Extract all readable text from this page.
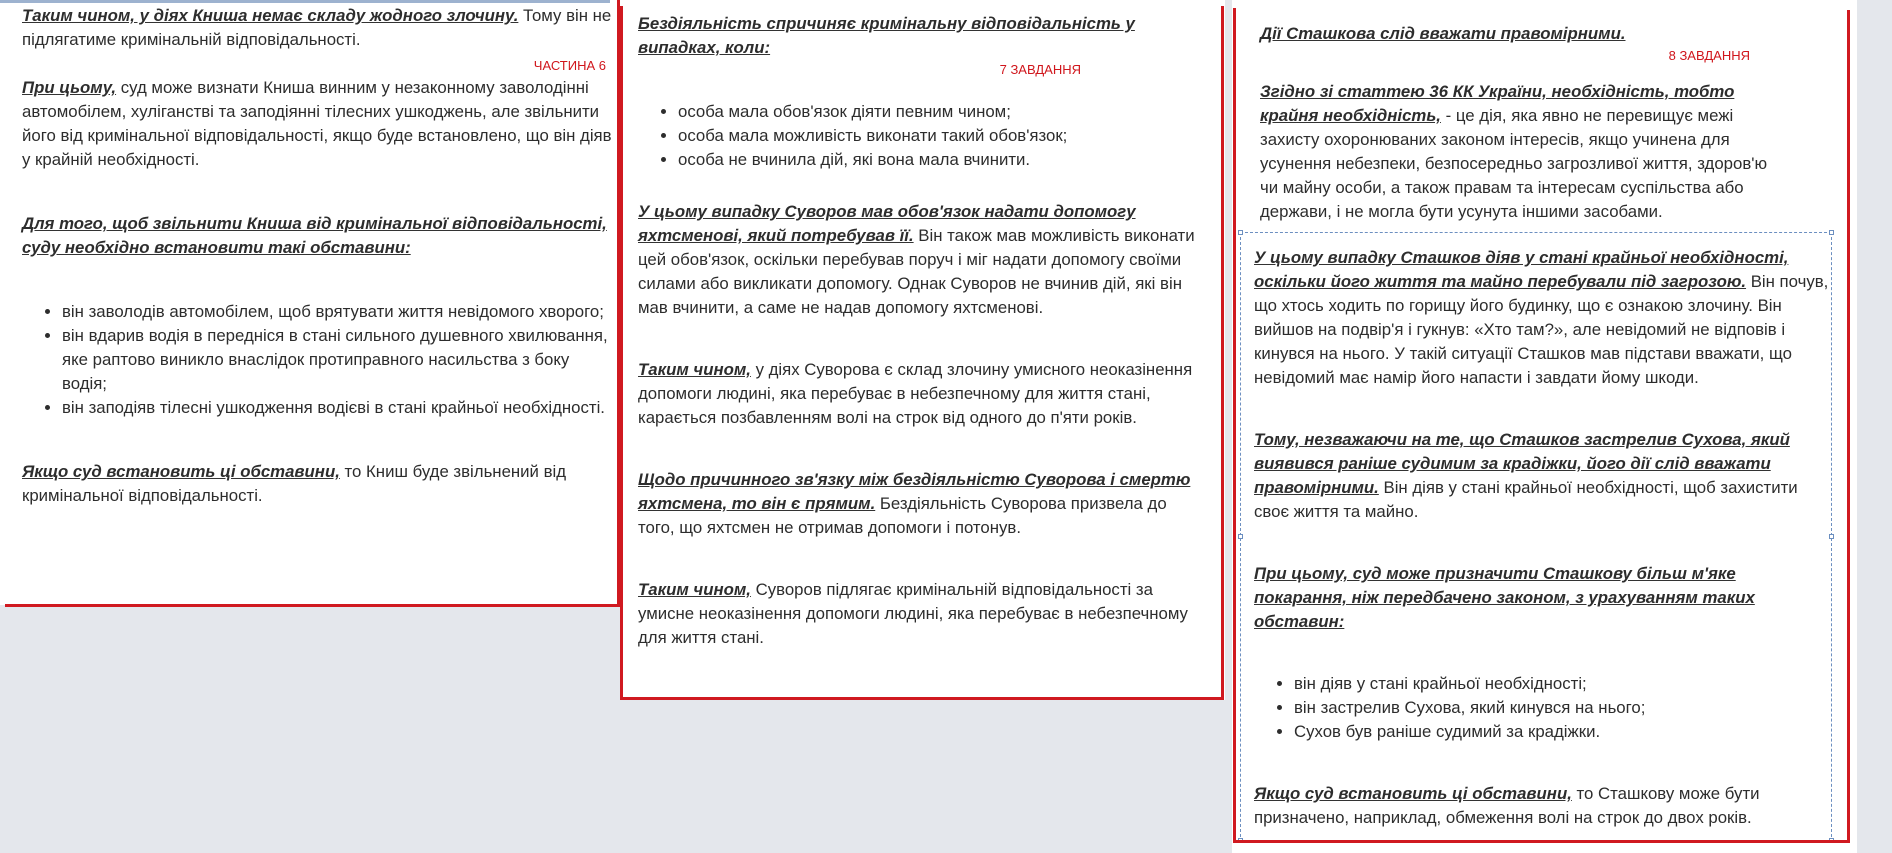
Таким чином, у діях Книша немає складу жодного злочину. Тому він не підлягатиме кримінальній відповідальності.

ЧАСТИНА 6

При цьому, суд може визнати Книша винним у незаконному заволодінні автомобілем, хуліганстві та заподіянні тілесних ушкоджень, але звільнити його від кримінальної відповідальності, якщо буде встановлено, що він діяв у крайній необхідності.

Для того, щоб звільнити Книша від кримінальної відповідальності, суду необхідно встановити такі обставини:

• він заволодів автомобілем, щоб врятувати життя невідомого хворого;
• він вдарив водія в передніся в стані сильного душевного хвилювання, яке раптово виникло внаслідок протиправного насильства з боку водія;
• він заподіяв тілесні ушкодження водієві в стані крайньої необхідності.

Якщо суд встановить ці обставини, то Книш буде звільнений від кримінальної відповідальності.

Бездіяльність спричиняє кримінальну відповідальність у випадках, коли:

7 ЗАВДАННЯ
• особа мала обов'язок діяти певним чином;
• особа мала можливість виконати такий обов'язок;
• особа не вчинила дій, які вона мала вчинити.

У цьому випадку Суворов мав обов'язок надати допомогу яхтсменові, який потребував її. Він також мав можливість виконати цей обов'язок, оскільки перебував поруч і міг надати допомогу своїми силами або викликати допомогу. Однак Суворов не вчинив дій, які він мав вчинити, а саме не надав допомогу яхтсменові.

Таким чином, у діях Суворова є склад злочину умисного неоказінення допомоги людині, яка перебуває в небезпечному для життя стані, карається позбавленням волі на строк від одного до п'яти років.

Щодо причинного зв'язку між бездіяльністю Суворова і смертю яхтсмена, то він є прямим. Бездіяльність Суворова призвела до того, що яхтсмен не отримав допомоги і потонув.

Таким чином, Суворов підлягає кримінальній відповідальності за умисне неоказінення допомоги людині, яка перебуває в небезпечному для життя стані.

Дії Сташкова слід вважати правомірними.

8 ЗАВДАННЯ

Згідно зі статтею 36 КК України, необхідність, тобто крайня необхідність, - це дія, яка явно не перевищує межі захисту охоронюваних законом інтересів, якщо учинена для усунення небезпеки, безпосередньо загрозливої життя, здоров'ю чи майну особи, а також правам та інтересам суспільства або держави, і не могла бути усунута іншими засобами.

У цьому випадку Сташков діяв у стані крайньої необхідності, оскільки його життя та майно перебували під загрозою. Він почув, що хтось ходить по горищу його будинку, що є ознакою злочину. Він вийшов на подвір'я і гукнув: «Хто там?», але невідомий не відповів і кинувся на нього. У такій ситуації Сташков мав підстави вважати, що невідомий має намір його напасти і завдати йому шкоди.

Тому, незважаючи на те, що Сташков застрелив Сухова, який виявився раніше судимим за крадіжки, його дії слід вважати правомірними. Він діяв у стані крайньої необхідності, щоб захистити своє життя та майно.

При цьому, суд може призначити Сташкову більш м'яке покарання, ніж передбачено законом, з урахуванням таких обставин:

• він діяв у стані крайньої необхідності;
• він застрелив Сухова, який кинувся на нього;
• Сухов був раніше судимий за крадіжки.

Якщо суд встановить ці обставини, то Сташкову може бути призначено, наприклад, обмеження волі на строк до двох років.
